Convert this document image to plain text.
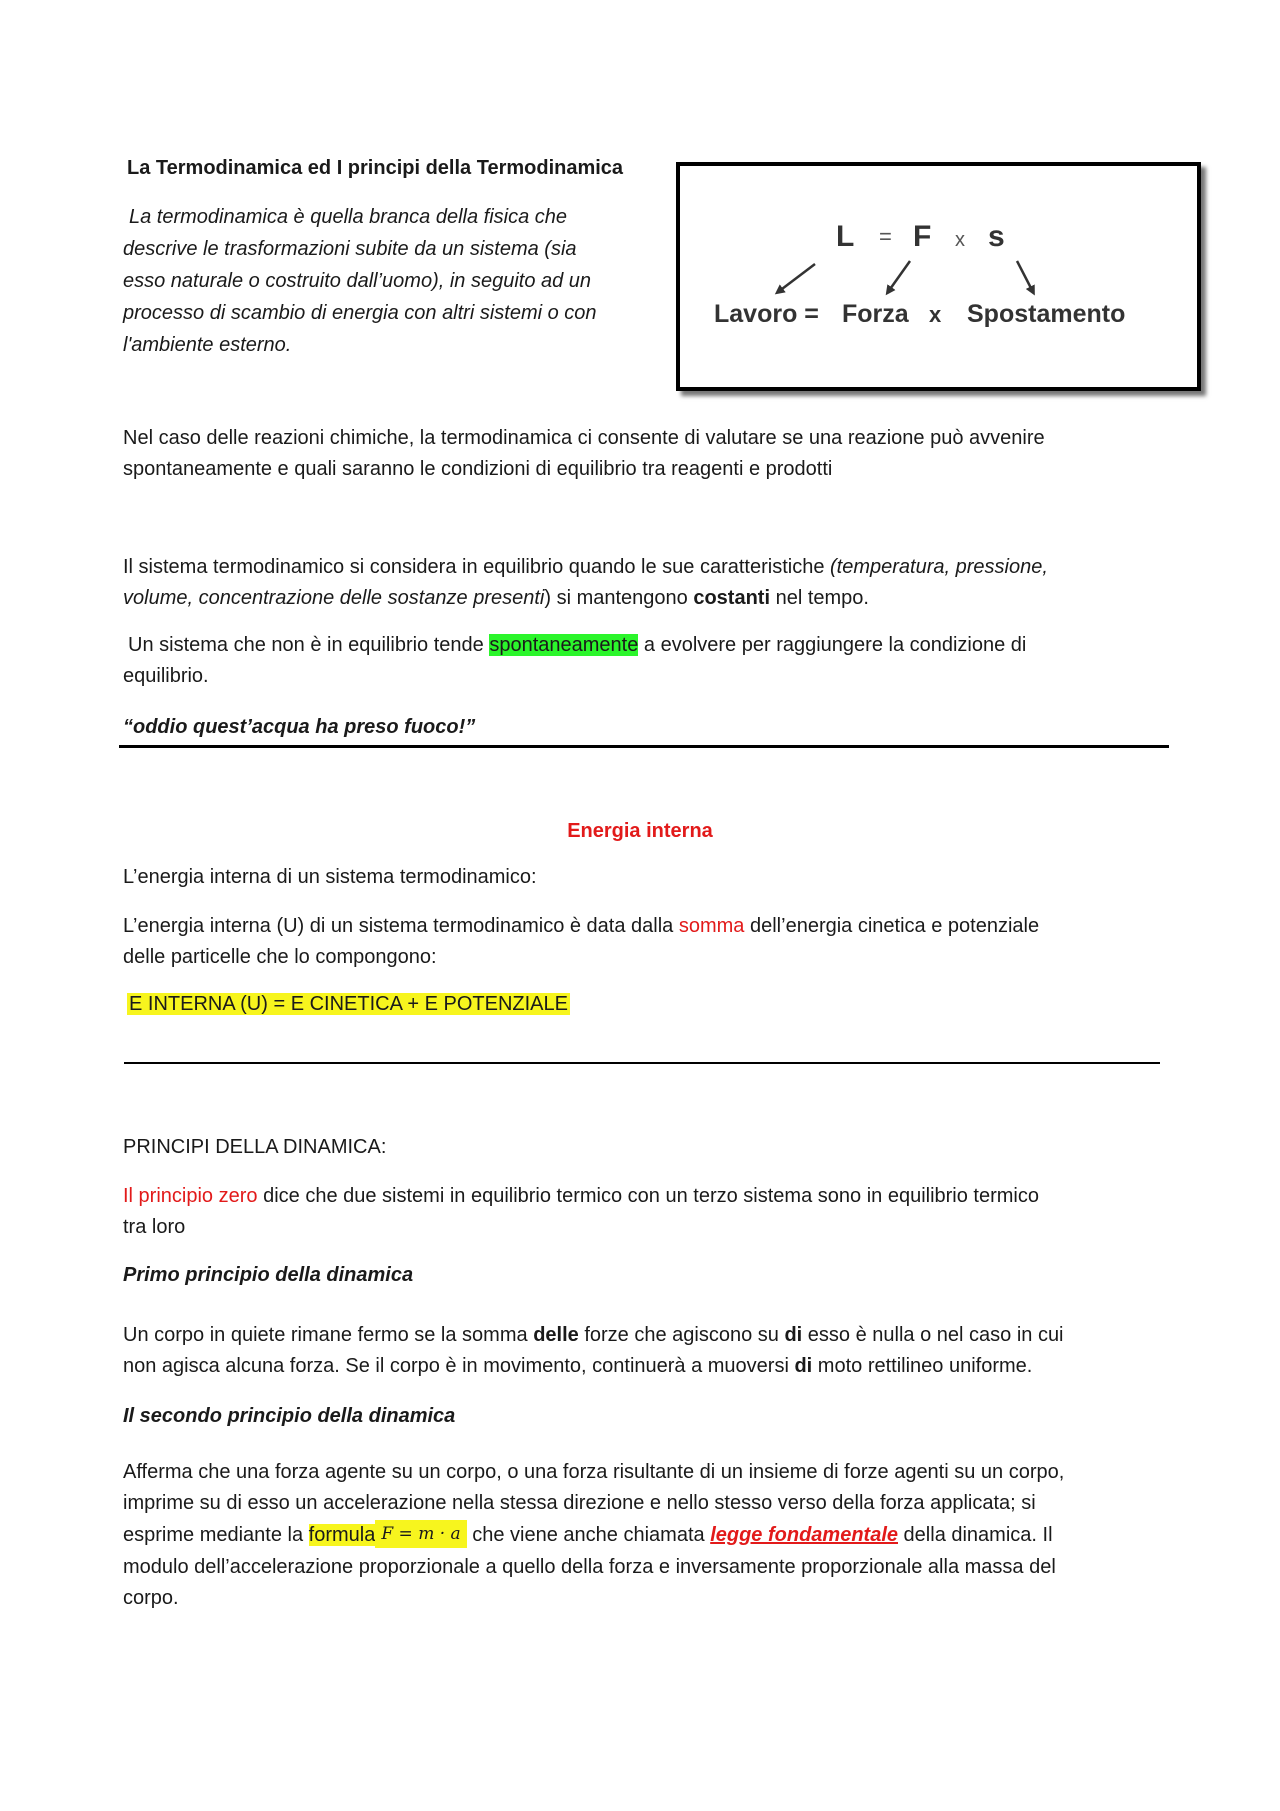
La Termodinamica ed I principi della Termodinamica
La termodinamica è quella branca della fisica che
descrive le trasformazioni subite da un sistema (sia
esso naturale o costruito dall’uomo), in seguito ad un
processo di scambio di energia con altri sistemi o con
l'ambiente esterno.
L = F x s
Lavoro = Forza x Spostamento
Nel caso delle reazioni chimiche, la termodinamica ci consente di valutare se una reazione può avvenire
spontaneamente e quali saranno le condizioni di equilibrio tra reagenti e prodotti
Il sistema termodinamico si considera in equilibrio quando le sue caratteristiche (temperatura, pressione,
volume, concentrazione delle sostanze presenti) si mantengono costanti nel tempo.
Un sistema che non è in equilibrio tende spontaneamente a evolvere per raggiungere la condizione di
equilibrio.
“oddio quest’acqua ha preso fuoco!”
Energia interna
L’energia interna di un sistema termodinamico:
L’energia interna (U) di un sistema termodinamico è data dalla somma dell’energia cinetica e potenziale
delle particelle che lo compongono:
E INTERNA (U) = E CINETICA + E POTENZIALE
PRINCIPI DELLA DINAMICA:
Il principio zero dice che due sistemi in equilibrio termico con un terzo sistema sono in equilibrio termico
tra loro
Primo principio della dinamica
Un corpo in quiete rimane fermo se la somma delle forze che agiscono su di esso è nulla o nel caso in cui
non agisca alcuna forza. Se il corpo è in movimento, continuerà a muoversi di moto rettilineo uniforme.
Il secondo principio della dinamica
Afferma che una forza agente su un corpo, o una forza risultante di un insieme di forze agenti su un corpo,
imprime su di esso un accelerazione nella stessa direzione e nello stesso verso della forza applicata; si
esprime mediante la formula F = m · a che viene anche chiamata legge fondamentale della dinamica. Il
modulo dell’accelerazione proporzionale a quello della forza e inversamente proporzionale alla massa del
corpo.
